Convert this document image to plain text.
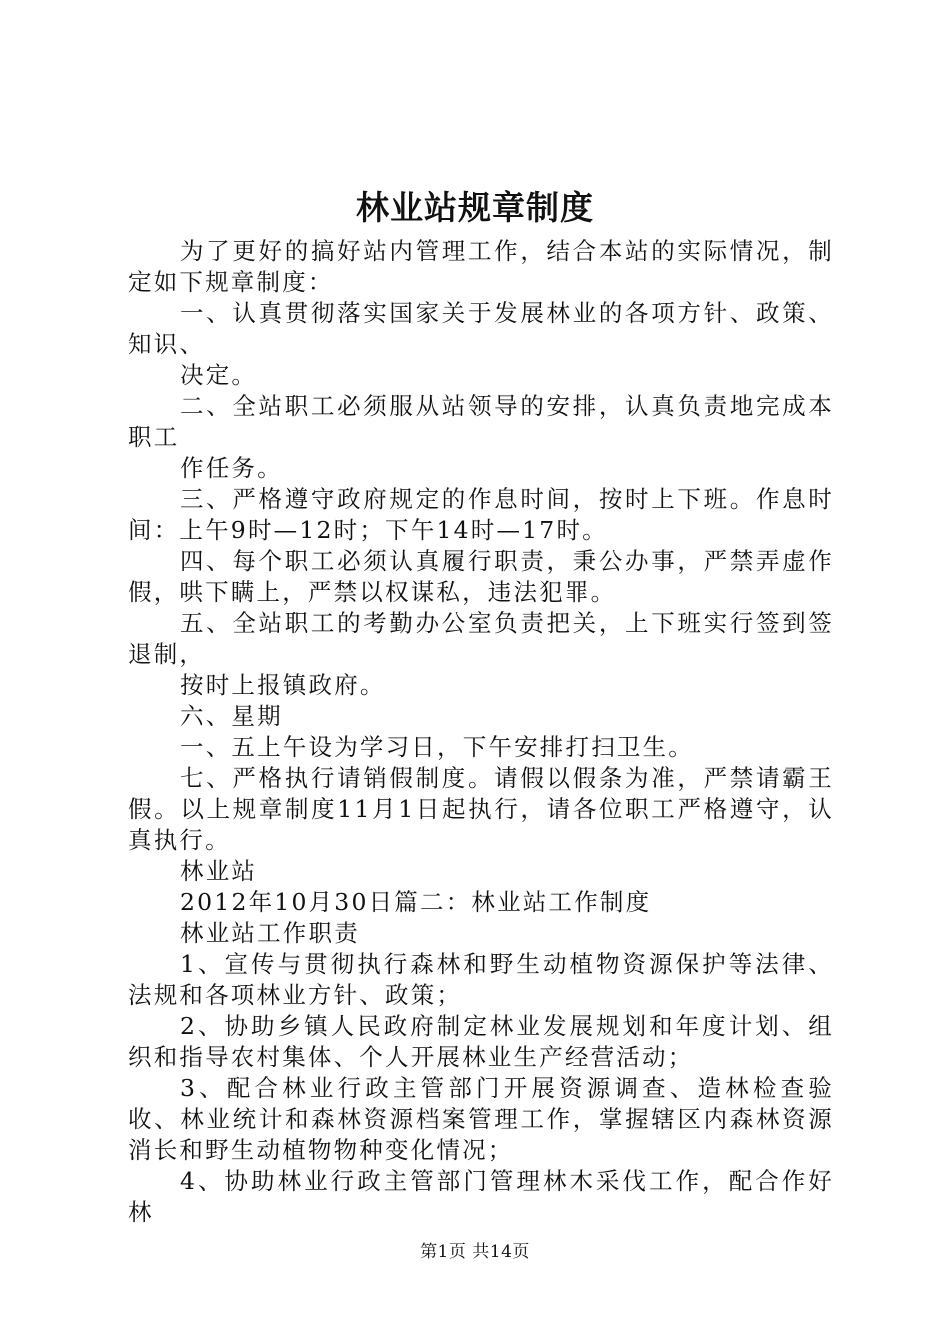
林业站规章制度

为了更好的搞好站内管理工作，结合本站的实际情况，制定如下规章制度：

一、认真贯彻落实国家关于发展林业的各项方针、政策、知识、

决定。

二、全站职工必须服从站领导的安排，认真负责地完成本职工

作任务。

三、严格遵守政府规定的作息时间，按时上下班。作息时间：上午9时—12时；下午14时—17时。

四、每个职工必须认真履行职责，秉公办事，严禁弄虚作假，哄下瞒上，严禁以权谋私，违法犯罪。

五、全站职工的考勤办公室负责把关，上下班实行签到签退制，

按时上报镇政府。

六、星期

一、五上午设为学习日，下午安排打扫卫生。

七、严格执行请销假制度。请假以假条为准，严禁请霸王假。以上规章制度11月1日起执行，请各位职工严格遵守，认真执行。

林业站

2012年10月30日篇二：林业站工作制度

林业站工作职责

1、宣传与贯彻执行森林和野生动植物资源保护等法律、法规和各项林业方针、政策；

2、协助乡镇人民政府制定林业发展规划和年度计划、组织和指导农村集体、个人开展林业生产经营活动；

3、配合林业行政主管部门开展资源调查、造林检查验收、林业统计和森林资源档案管理工作，掌握辖区内森林资源消长和野生动植物物种变化情况；

4、协助林业行政主管部门管理林木采伐工作，配合作好林

第1页 共14页
